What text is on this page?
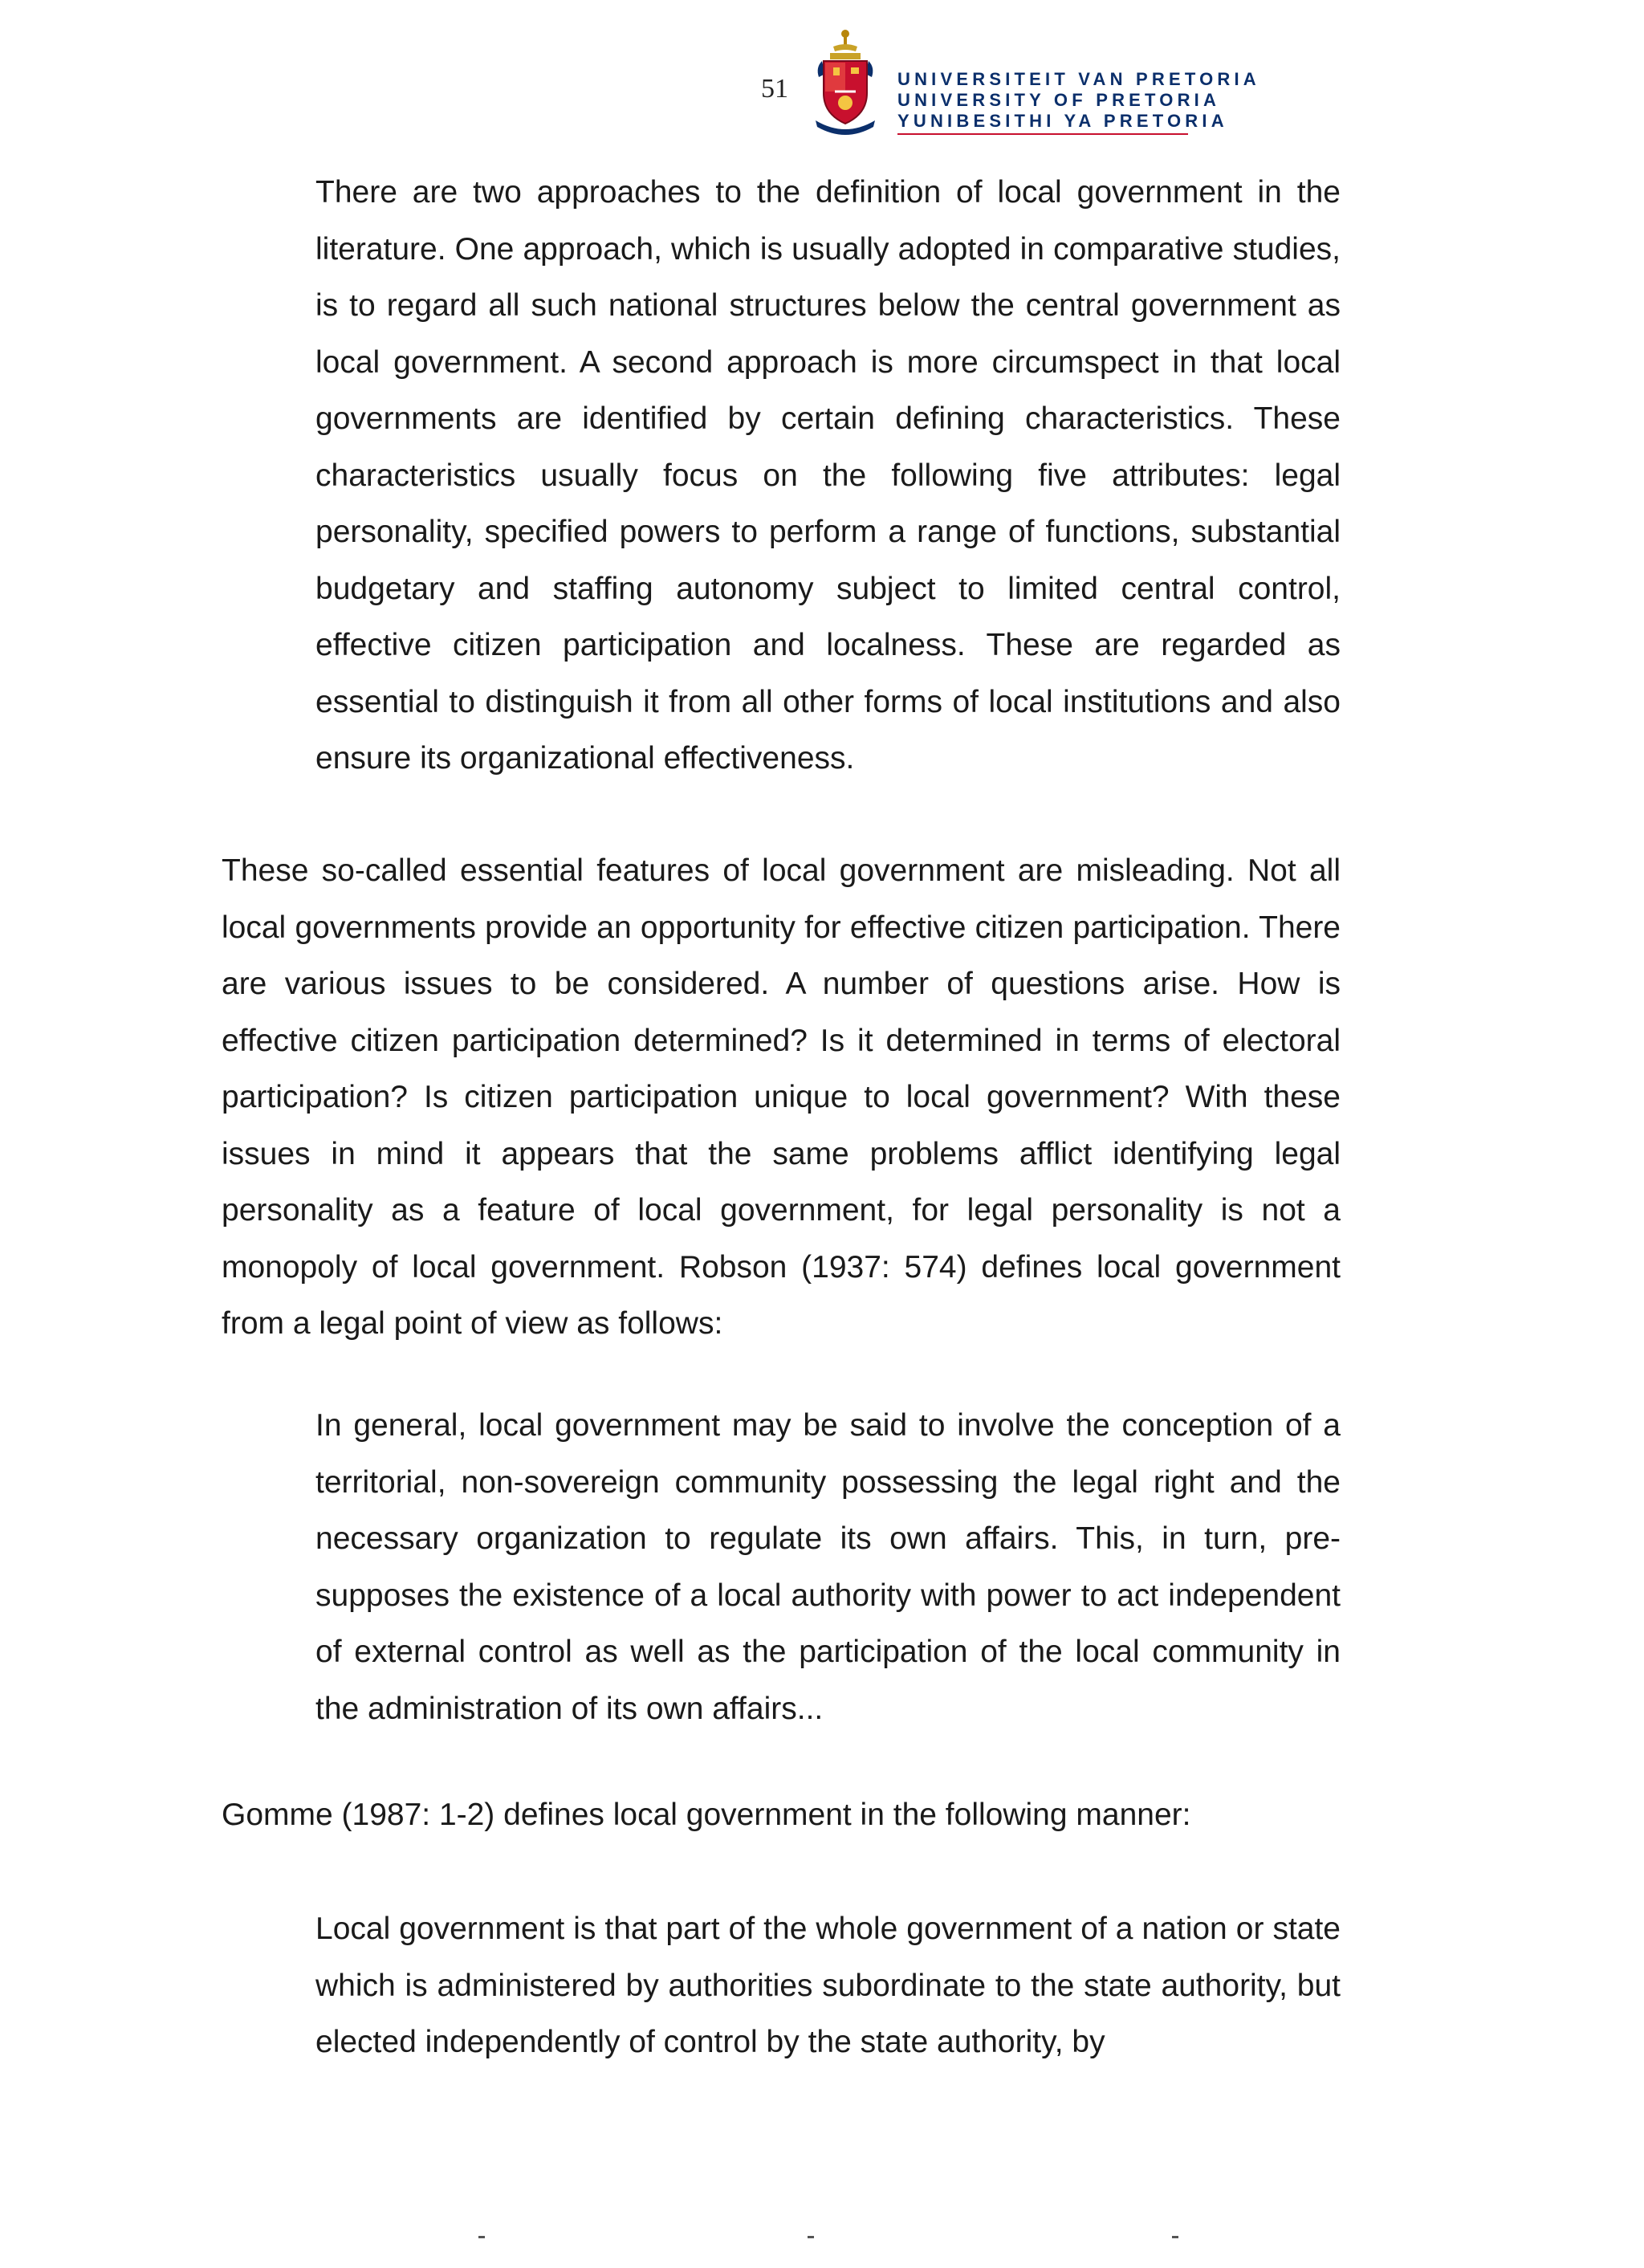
51	UNIVERSITEIT VAN PRETORIA
UNIVERSITY OF PRETORIA
YUNIBESITHI YA PRETORIA

There are two approaches to the definition of local government in the literature. One approach, which is usually adopted in comparative studies, is to regard all such national structures below the central government as local government. A second approach is more circumspect in that local governments are identified by certain defining characteristics. These characteristics usually focus on the following five attributes: legal personality, specified powers to perform a range of functions, substantial budgetary and staffing autonomy subject to limited central control, effective citizen participation and localness. These are regarded as essential to distinguish it from all other forms of local institutions and also ensure its organizational effectiveness.

These so-called essential features of local government are misleading. Not all local governments provide an opportunity for effective citizen participation. There are various issues to be considered. A number of questions arise. How is effective citizen participation determined? Is it determined in terms of electoral participation? Is citizen participation unique to local government? With these issues in mind it appears that the same problems afflict identifying legal personality as a feature of local government, for legal personality is not a monopoly of local government. Robson (1937: 574) defines local government from a legal point of view as follows:

In general, local government may be said to involve the conception of a territorial, non-sovereign community possessing the legal right and the necessary organization to regulate its own affairs. This, in turn, pre-supposes the existence of a local authority with power to act independent of external control as well as the participation of the local community in the administration of its own affairs...

Gomme (1987: 1-2) defines local government in the following manner:

Local government is that part of the whole government of a nation or state which is administered by authorities subordinate to the state authority, but elected independently of control by the state authority, by
